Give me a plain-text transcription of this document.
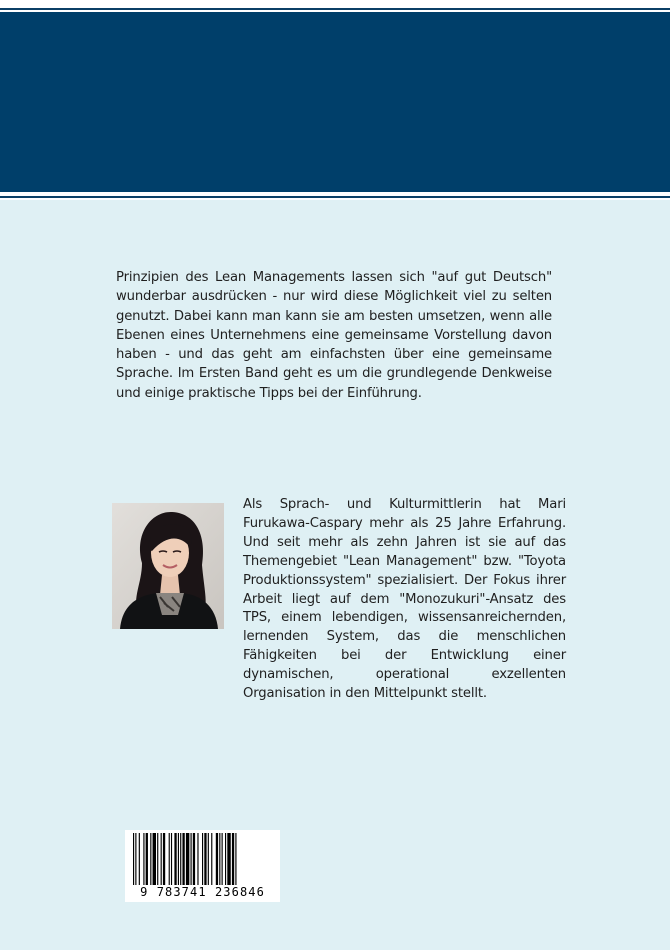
Prinzipien des Lean Managements lassen sich "auf gut Deutsch" wunderbar ausdrücken - nur wird diese Möglichkeit viel zu selten genutzt. Dabei kann man kann sie am besten umsetzen, wenn alle Ebenen eines Unternehmens eine gemeinsame Vorstellung davon haben - und das geht am einfachsten über eine gemeinsame Sprache. Im Ersten Band geht es um die grundlegende Denkweise und einige praktische Tipps bei der Einführung.

Als Sprach- und Kulturmittlerin hat Mari Furukawa-Caspary mehr als 25 Jahre Erfahrung. Und seit mehr als zehn Jahren ist sie auf das Themengebiet "Lean Management" bzw. "Toyota Produktionssystem" spezialisiert. Der Fokus ihrer Arbeit liegt auf dem "Monozukuri"-Ansatz des TPS, einem lebendigen, wissensanreichernden, lernenden System, das die menschlichen Fähigkeiten bei der Entwicklung einer dynamischen, operational exzellenten Organisation in den Mittelpunkt stellt.

9 783741 236846
